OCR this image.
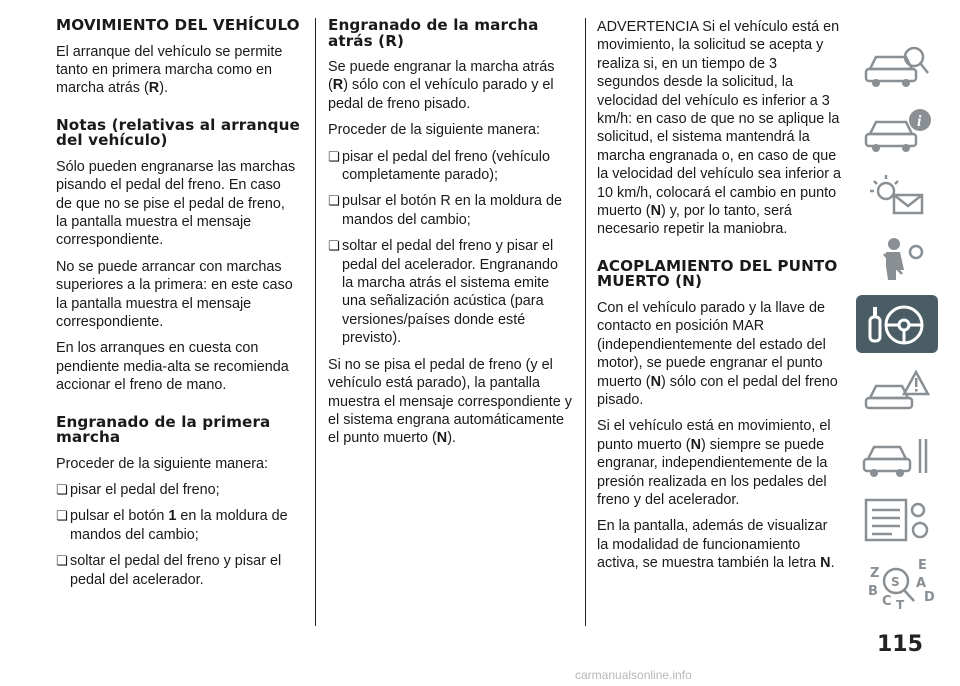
MOVIMIENTO DEL VEHÍCULO

El arranque del vehículo se permite tanto en primera marcha como en marcha atrás (R).

Notas (relativas al arranque del vehículo)

Sólo pueden engranarse las marchas pisando el pedal del freno. En caso de que no se pise el pedal de freno, la pantalla muestra el mensaje correspondiente.

No se puede arrancar con marchas superiores a la primera: en este caso la pantalla muestra el mensaje correspondiente.

En los arranques en cuesta con pendiente media-alta se recomienda accionar el freno de mano.

Engranado de la primera marcha

Proceder de la siguiente manera:

❏ pisar el pedal del freno;
❏ pulsar el botón 1 en la moldura de mandos del cambio;
❏ soltar el pedal del freno y pisar el pedal del acelerador.
Engranado de la marcha atrás (R)

Se puede engranar la marcha atrás (R) sólo con el vehículo parado y el pedal de freno pisado.

Proceder de la siguiente manera:

❏ pisar el pedal del freno (vehículo completamente parado);
❏ pulsar el botón R en la moldura de mandos del cambio;
❏ soltar el pedal del freno y pisar el pedal del acelerador. Engranando la marcha atrás el sistema emite una señalización acústica (para versiones/países donde esté previsto).

Si no se pisa el pedal de freno (y el vehículo está parado), la pantalla muestra el mensaje correspondiente y el sistema engrana automáticamente el punto muerto (N).

ADVERTENCIA Si el vehículo está en movimiento, la solicitud se acepta y realiza si, en un tiempo de 3 segundos desde la solicitud, la velocidad del vehículo es inferior a 3 km/h: en caso de que no se aplique la solicitud, el sistema mantendrá la marcha engranada o, en caso de que la velocidad del vehículo sea inferior a 10 km/h, colocará el cambio en punto muerto (N) y, por lo tanto, será necesario repetir la maniobra.

ACOPLAMIENTO DEL PUNTO MUERTO (N)

Con el vehículo parado y la llave de contacto en posición MAR (independientemente del estado del motor), se puede engranar el punto muerto (N) sólo con el pedal del freno pisado.

Si el vehículo está en movimiento, el punto muerto (N) siempre se puede engranar, independientemente de la presión realizada en los pedales del freno y del acelerador.

En la pantalla, además de visualizar la modalidad de funcionamiento activa, se muestra también la letra N.

i
Z
E
S A
B
C T D
115
carmanualsonline.info
